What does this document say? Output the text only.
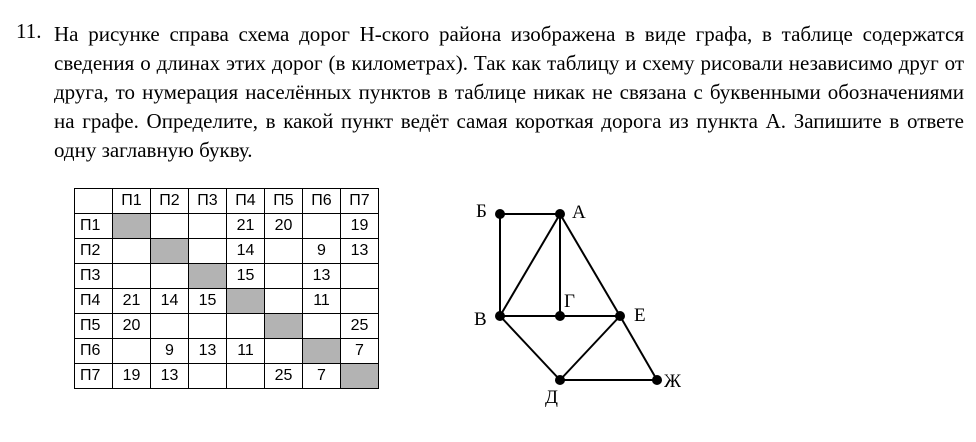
11. На рисунке справа схема дорог Н-ского района изображена в виде графа, в таблице содержатся сведения о длинах этих дорог (в километрах). Так как таблицу и схему рисовали независимо друг от друга, то нумерация населённых пунктов в таблице никак не связана с буквенными обозначениями на графе. Определите, в какой пункт ведёт самая короткая дорога из пункта А. Запишите в ответе одну заглавную букву.

	П1	П2	П3	П4	П5	П6	П7
П1				21	20		19
П2				14		9	13
П3				15		13	
П4	21	14	15			11	
П5	20						25
П6		9	13	11			7
П7	19	13			25	7	
Б	А
В
Г
Е
Д
Ж
